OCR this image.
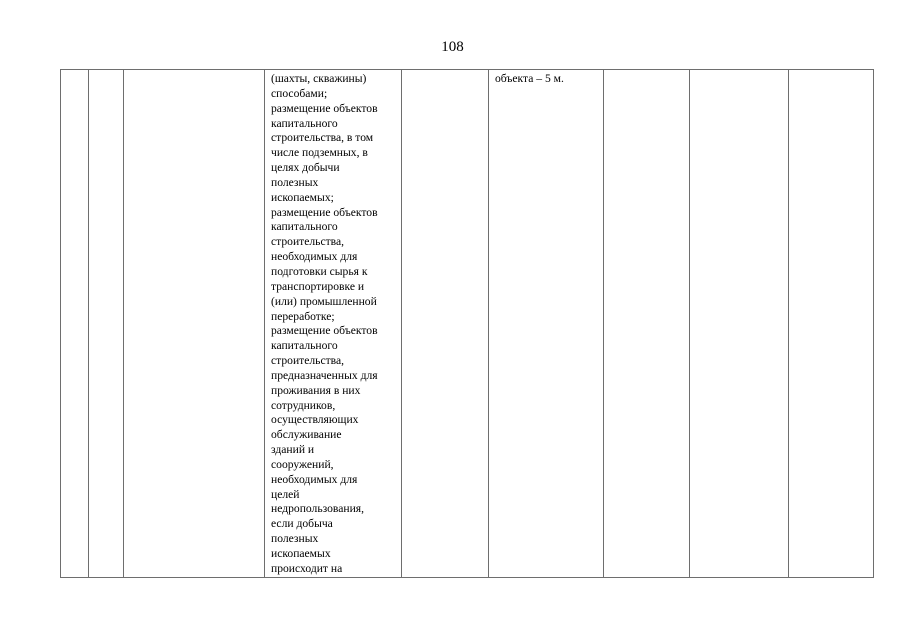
108

(шахты, скважины)
способами;
размещение объектов
капитального
строительства, в том
числе подземных, в
целях добычи
полезных
ископаемых;
размещение объектов
капитального
строительства,
необходимых для
подготовки сырья к
транспортировке и
(или) промышленной
переработке;
размещение объектов
капитального
строительства,
предназначенных для
проживания в них
сотрудников,
осуществляющих
обслуживание
зданий и
сооружений,
необходимых для
целей
недропользования,
если добыча
полезных
ископаемых
происходит на

объекта – 5 м.
